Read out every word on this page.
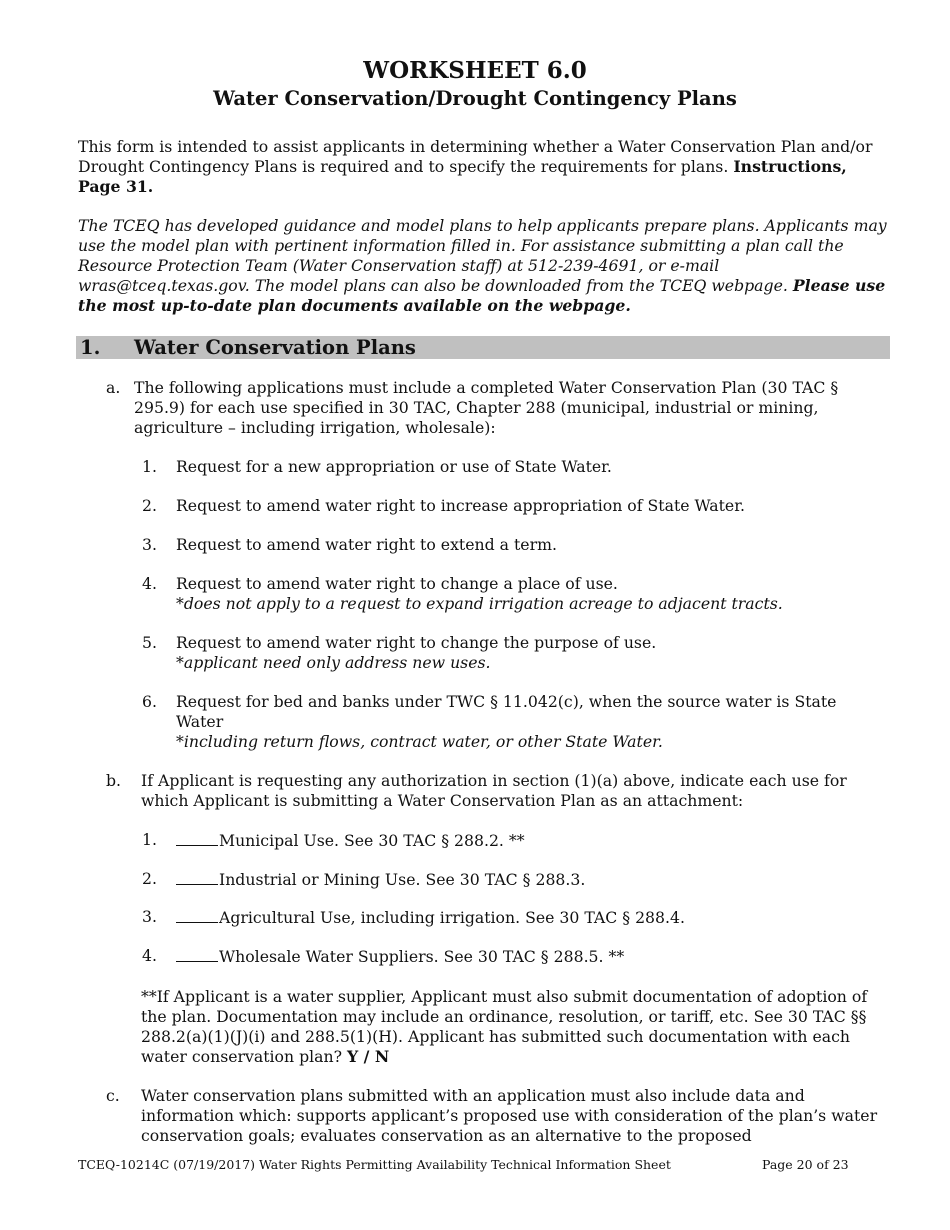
WORKSHEET 6.0
Water Conservation/Drought Contingency Plans

This form is intended to assist applicants in determining whether a Water Conservation Plan and/or Drought Contingency Plans is required and to specify the requirements for plans. Instructions, Page 31.

The TCEQ has developed guidance and model plans to help applicants prepare plans. Applicants may use the model plan with pertinent information filled in. For assistance submitting a plan call the Resource Protection Team (Water Conservation staff) at 512-239-4691, or e-mail wras@tceq.texas.gov. The model plans can also be downloaded from the TCEQ webpage. Please use the most up-to-date plan documents available on the webpage.

1. Water Conservation Plans
a. The following applications must include a completed Water Conservation Plan (30 TAC § 295.9) for each use specified in 30 TAC, Chapter 288 (municipal, industrial or mining, agriculture – including irrigation, wholesale):
1. Request for a new appropriation or use of State Water.
2. Request to amend water right to increase appropriation of State Water.
3. Request to amend water right to extend a term.
4. Request to amend water right to change a place of use.
*does not apply to a request to expand irrigation acreage to adjacent tracts.
5. Request to amend water right to change the purpose of use.
*applicant need only address new uses.
6. Request for bed and banks under TWC § 11.042(c), when the source water is State Water
*including return flows, contract water, or other State Water.
b. If Applicant is requesting any authorization in section (1)(a) above, indicate each use for which Applicant is submitting a Water Conservation Plan as an attachment:
1.	Municipal Use. See 30 TAC § 288.2. **
2.	Industrial or Mining Use. See 30 TAC § 288.3.
3.	Agricultural Use, including irrigation. See 30 TAC § 288.4.
4.	Wholesale Water Suppliers. See 30 TAC § 288.5. **
**If Applicant is a water supplier, Applicant must also submit documentation of adoption of the plan. Documentation may include an ordinance, resolution, or tariff, etc. See 30 TAC §§ 288.2(a)(1)(J)(i) and 288.5(1)(H). Applicant has submitted such documentation with each water conservation plan? Y / N
c. Water conservation plans submitted with an application must also include data and information which: supports applicant’s proposed use with consideration of the plan’s water conservation goals; evaluates conservation as an alternative to the proposed
TCEQ-10214C (07/19/2017) Water Rights Permitting Availability Technical Information Sheet	Page 20 of 23
